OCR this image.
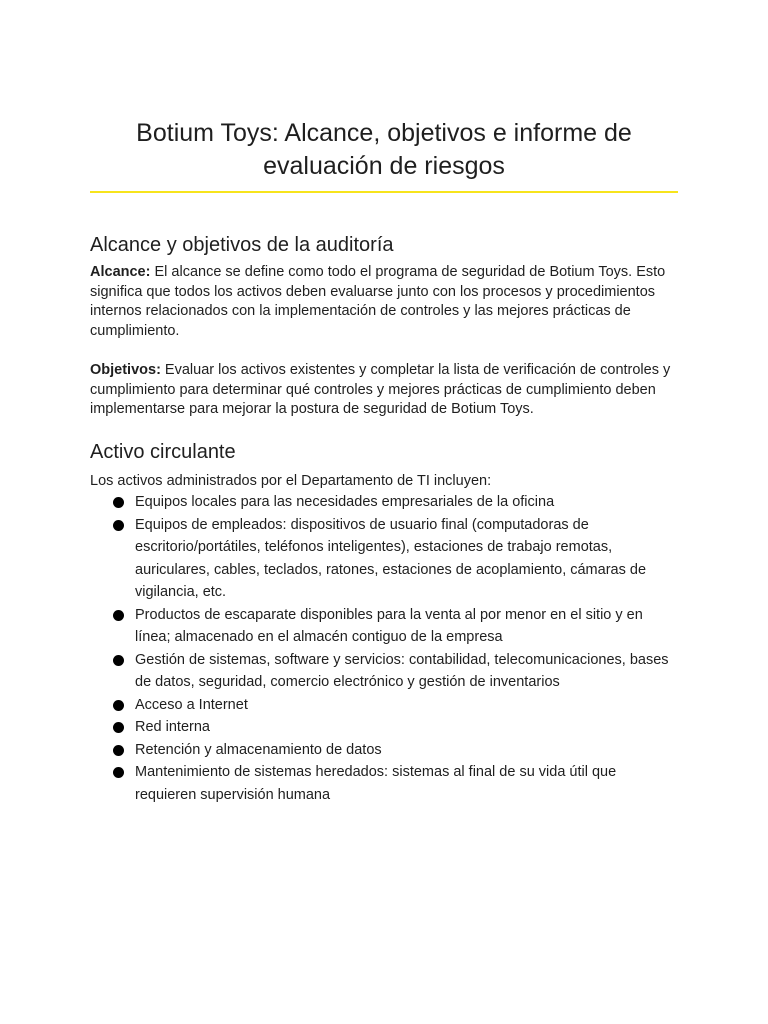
Botium Toys: Alcance, objetivos e informe de evaluación de riesgos
Alcance y objetivos de la auditoría

Alcance: El alcance se define como todo el programa de seguridad de Botium Toys. Esto significa que todos los activos deben evaluarse junto con los procesos y procedimientos internos relacionados con la implementación de controles y las mejores prácticas de cumplimiento.

Objetivos: Evaluar los activos existentes y completar la lista de verificación de controles y cumplimiento para determinar qué controles y mejores prácticas de cumplimiento deben implementarse para mejorar la postura de seguridad de Botium Toys.

Activo circulante

Los activos administrados por el Departamento de TI incluyen:

Equipos locales para las necesidades empresariales de la oficina
Equipos de empleados: dispositivos de usuario final (computadoras de escritorio/portátiles, teléfonos inteligentes), estaciones de trabajo remotas, auriculares, cables, teclados, ratones, estaciones de acoplamiento, cámaras de vigilancia, etc.
Productos de escaparate disponibles para la venta al por menor en el sitio y en línea; almacenado en el almacén contiguo de la empresa
Gestión de sistemas, software y servicios: contabilidad, telecomunicaciones, bases de datos, seguridad, comercio electrónico y gestión de inventarios
Acceso a Internet
Red interna
Retención y almacenamiento de datos
Mantenimiento de sistemas heredados: sistemas al final de su vida útil que requieren supervisión humana
